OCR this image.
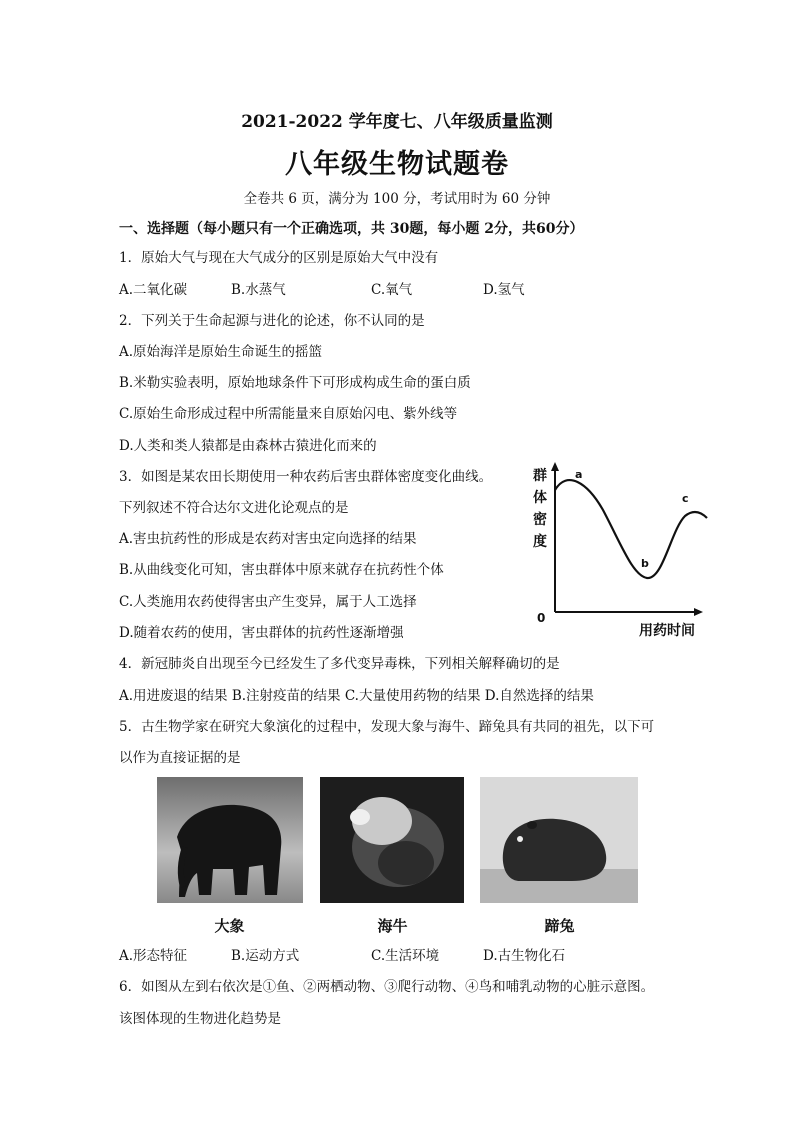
2021-2022 学年度七、八年级质量监测
八年级生物试题卷
全卷共 6 页，满分为 100 分，考试用时为 60 分钟
一、选择题（每小题只有一个正确选项，共 30题，每小题 2分，共60分）
1．原始大气与现在大气成分的区别是原始大气中没有
A.二氧化碳	B.水蒸气	C.氧气	D.氢气
2．下列关于生命起源与进化的论述，你不认同的是
A.原始海洋是原始生命诞生的摇篮
B.米勒实验表明，原始地球条件下可形成构成生命的蛋白质
C.原始生命形成过程中所需能量来自原始闪电、紫外线等
D.人类和类人猿都是由森林古猿进化而来的
3．如图是某农田长期使用一种农药后害虫群体密度变化曲线。
下列叙述不符合达尔文进化论观点的是
A.害虫抗药性的形成是农药对害虫定向选择的结果
B.从曲线变化可知，害虫群体中原来就存在抗药性个体
C.人类施用农药使得害虫产生变异，属于人工选择
D.随着农药的使用，害虫群体的抗药性逐渐增强
群
体
密
度
a
b
c
0
用药时间
4．新冠肺炎自出现至今已经发生了多代变异毒株，下列相关解释确切的是
A.用进废退的结果 B.注射疫苗的结果 C.大量使用药物的结果 D.自然选择的结果
5．古生物学家在研究大象演化的过程中，发现大象与海牛、蹄兔具有共同的祖先，以下可
以作为直接证据的是
大象	海牛	蹄兔
A.形态特征	B.运动方式	C.生活环境	D.古生物化石
6．如图从左到右依次是①鱼、②两栖动物、③爬行动物、④鸟和哺乳动物的心脏示意图。
该图体现的生物进化趋势是
